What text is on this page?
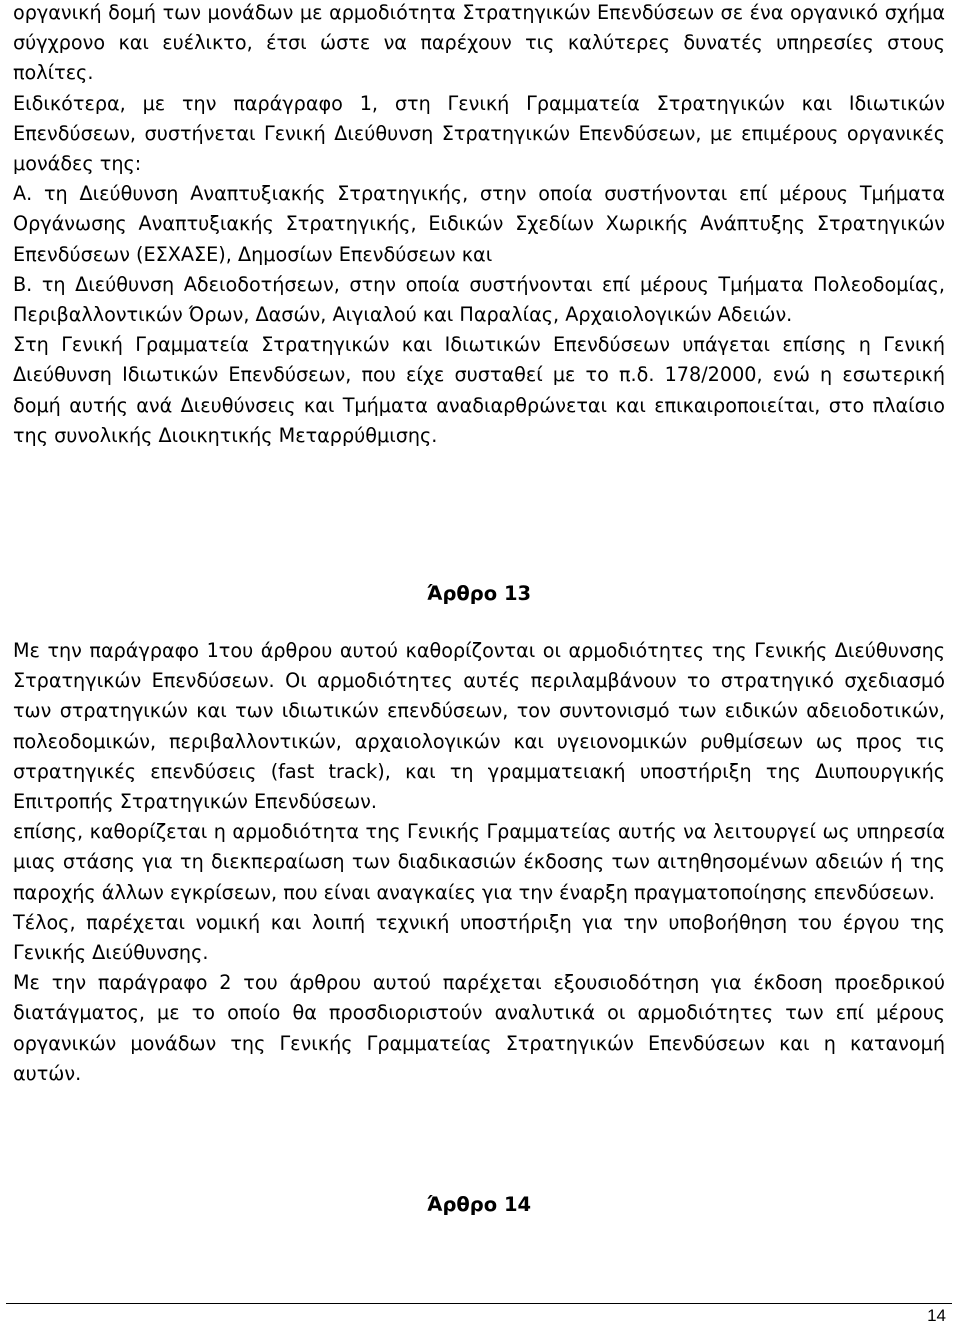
οργανική δομή των μονάδων με αρμοδιότητα Στρατηγικών Επενδύσεων σε ένα οργανικό σχήμα σύγχρονο και ευέλικτο, έτσι ώστε να παρέχουν τις καλύτερες δυνατές υπηρεσίες στους πολίτες.
Ειδικότερα, με την παράγραφο 1, στη Γενική Γραμματεία Στρατηγικών και Ιδιωτικών Επενδύσεων, συστήνεται Γενική Διεύθυνση Στρατηγικών Επενδύσεων, με επιμέρους οργανικές μονάδες της:
Α. τη Διεύθυνση Αναπτυξιακής Στρατηγικής, στην οποία συστήνονται επί μέρους Τμήματα Οργάνωσης Αναπτυξιακής Στρατηγικής, Ειδικών Σχεδίων Χωρικής Ανάπτυξης Στρατηγικών Επενδύσεων (ΕΣΧΑΣΕ), Δημοσίων Επενδύσεων και
Β. τη Διεύθυνση Αδειοδοτήσεων, στην οποία συστήνονται επί μέρους Τμήματα Πολεοδομίας, Περιβαλλοντικών Όρων, Δασών, Αιγιαλού και Παραλίας, Αρχαιολογικών Αδειών.
Στη Γενική Γραμματεία Στρατηγικών και Ιδιωτικών Επενδύσεων υπάγεται επίσης η Γενική Διεύθυνση Ιδιωτικών Επενδύσεων, που είχε συσταθεί με το π.δ. 178/2000, ενώ η εσωτερική δομή αυτής ανά Διευθύνσεις και Τμήματα αναδιαρθρώνεται και επικαιροποιείται, στο πλαίσιο της συνολικής Διοικητικής Μεταρρύθμισης.
Άρθρο 13
Με την παράγραφο 1του άρθρου αυτού καθορίζονται οι αρμοδιότητες της Γενικής Διεύθυνσης Στρατηγικών Επενδύσεων. Οι αρμοδιότητες αυτές περιλαμβάνουν το στρατηγικό σχεδιασμό των στρατηγικών και των ιδιωτικών επενδύσεων, τον συντονισμό των ειδικών αδειοδοτικών, πολεοδομικών, περιβαλλοντικών, αρχαιολογικών και υγειονομικών ρυθμίσεων ως προς τις στρατηγικές επενδύσεις (fast track), και τη γραμματειακή υποστήριξη της Διυπουργικής Επιτροπής Στρατηγικών Επενδύσεων.
επίσης, καθορίζεται η αρμοδιότητα της Γενικής Γραμματείας αυτής να λειτουργεί ως υπηρεσία μιας στάσης για τη διεκπεραίωση των διαδικασιών έκδοσης των αιτηθησομένων αδειών ή της παροχής άλλων εγκρίσεων, που είναι αναγκαίες για την έναρξη πραγματοποίησης επενδύσεων.
Τέλος, παρέχεται νομική και λοιπή τεχνική υποστήριξη για την υποβοήθηση του έργου της Γενικής Διεύθυνσης.
Με την παράγραφο 2 του άρθρου αυτού παρέχεται εξουσιοδότηση για έκδοση προεδρικού διατάγματος, με το οποίο θα προσδιοριστούν αναλυτικά οι αρμοδιότητες των επί μέρους οργανικών μονάδων της Γενικής Γραμματείας Στρατηγικών Επενδύσεων και η κατανομή αυτών.
Άρθρο 14
14
